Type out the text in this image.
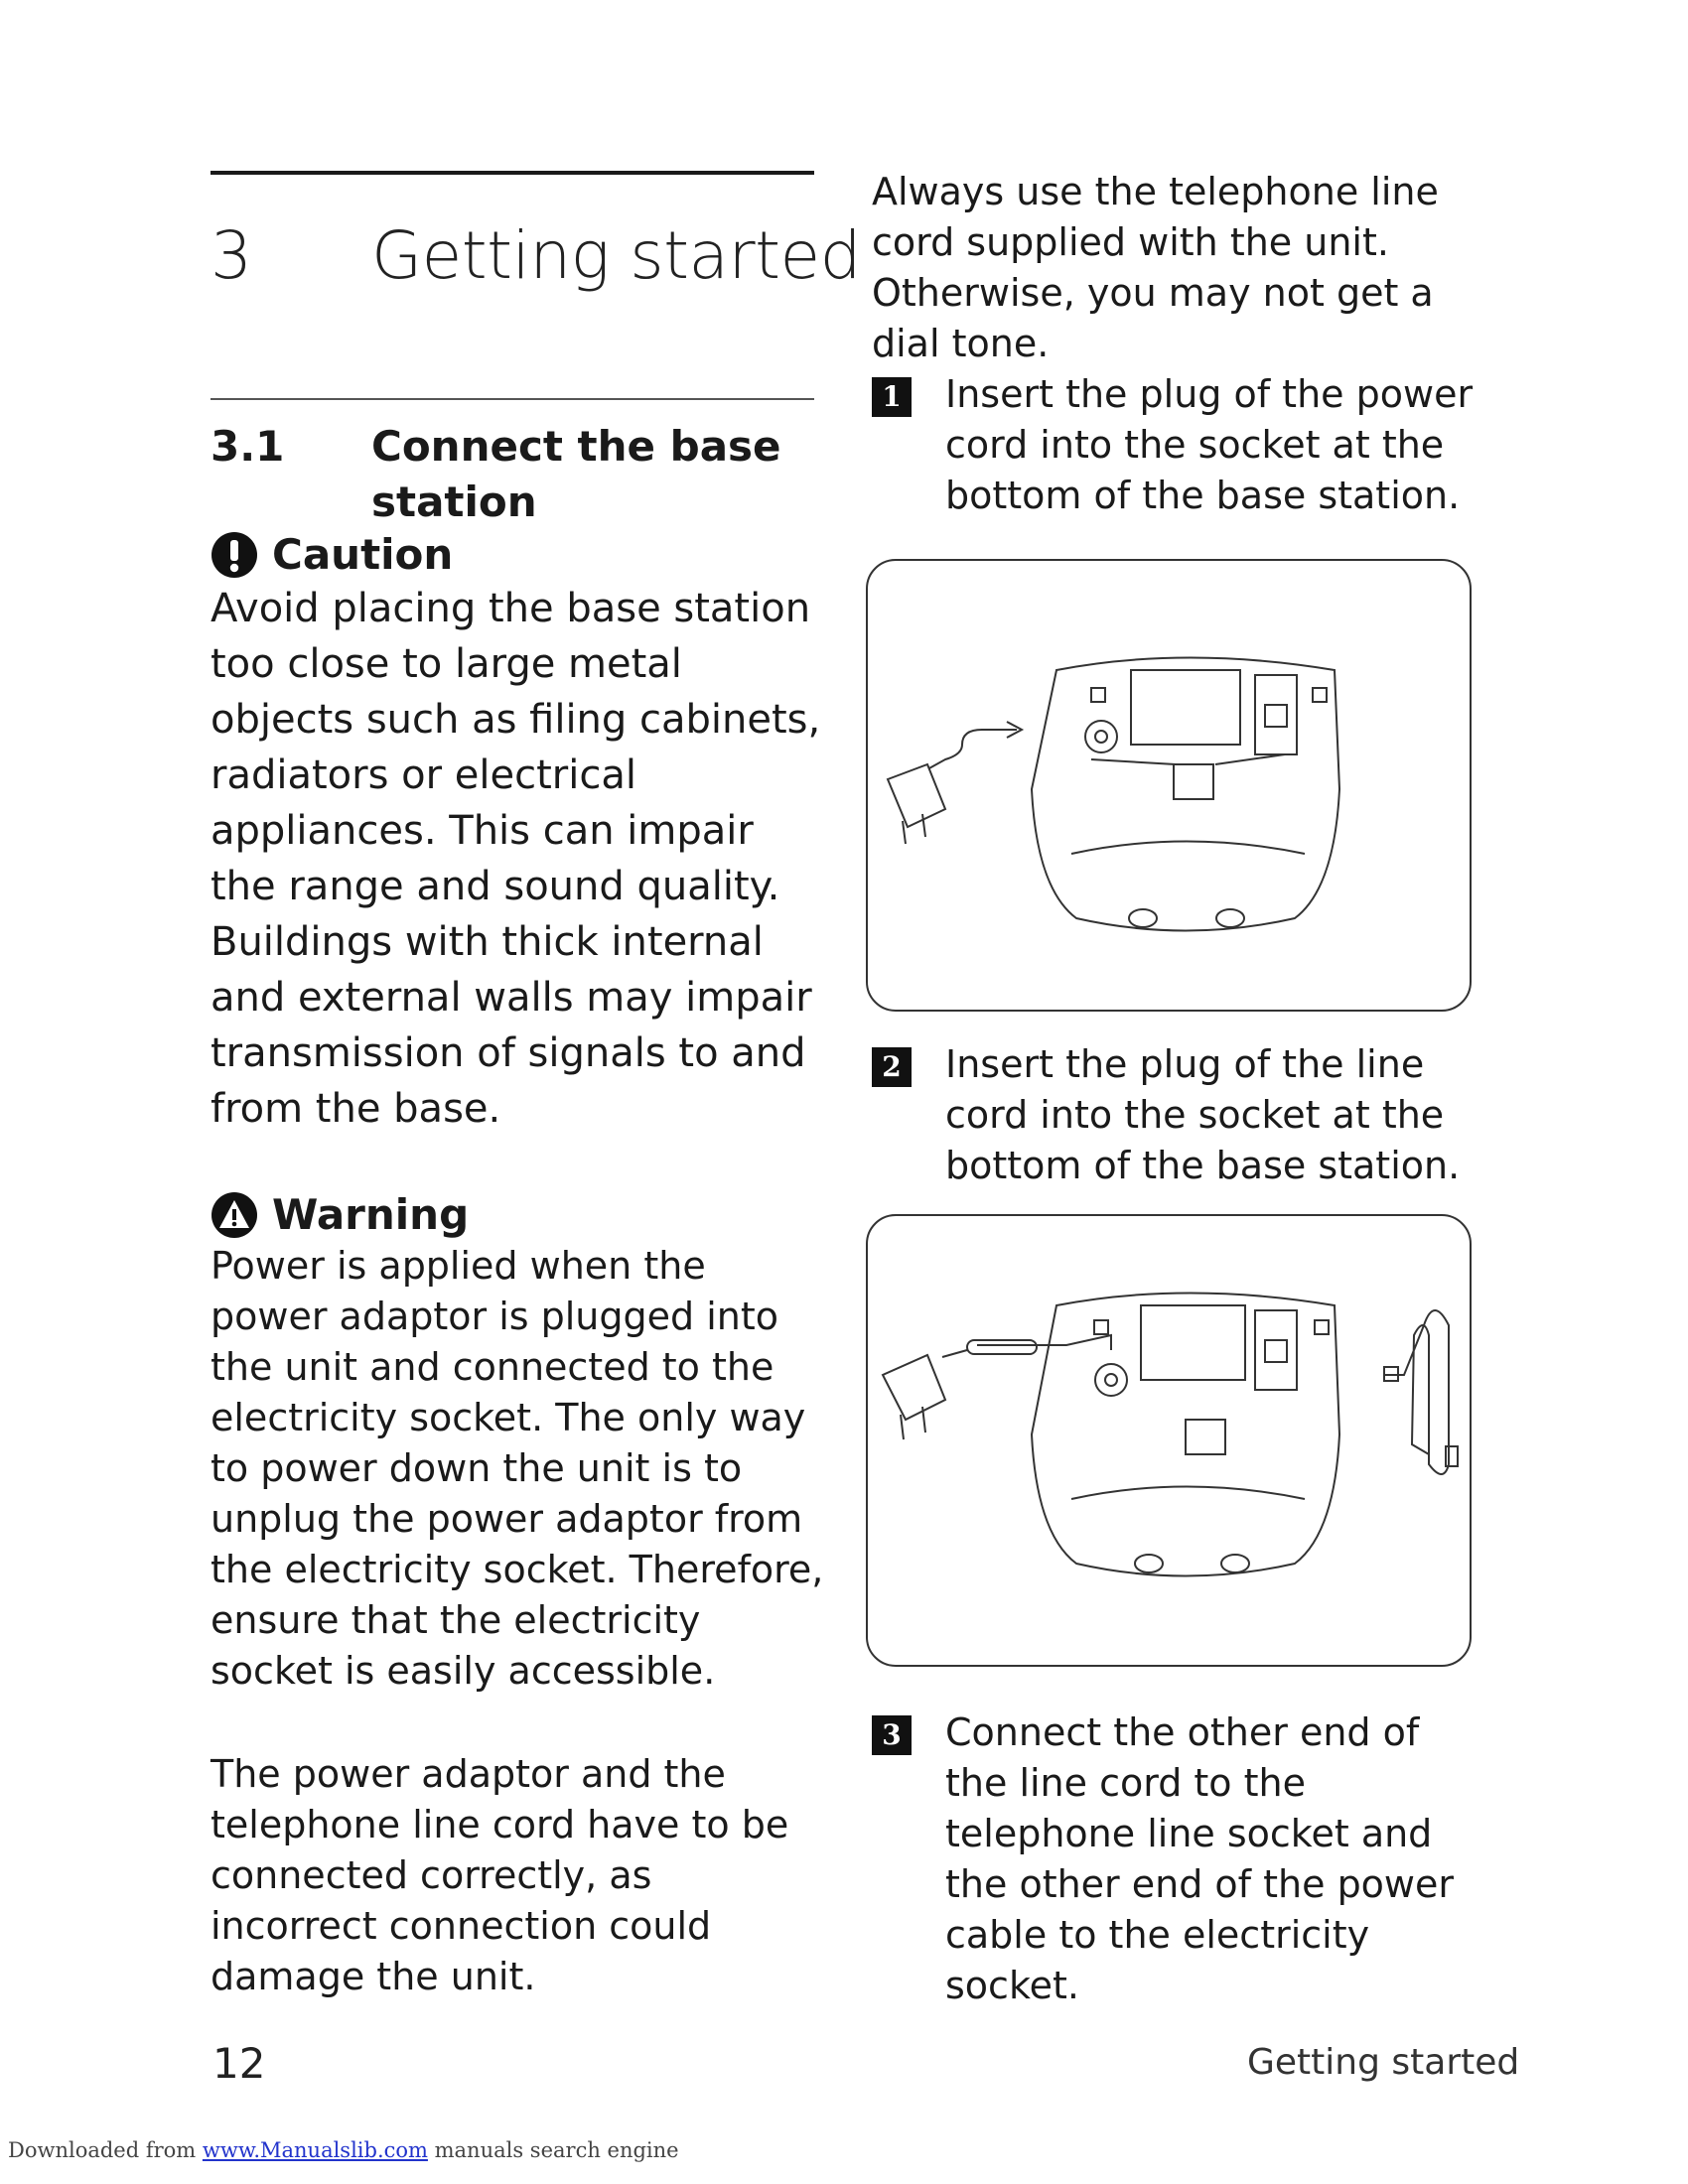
3 Getting started
3.1 Connect the base station
Caution
Avoid placing the base station too close to large metal objects such as filing cabinets, radiators or electrical appliances. This can impair the range and sound quality. Buildings with thick internal and external walls may impair transmission of signals to and from the base.
Warning
Power is applied when the power adaptor is plugged into the unit and connected to the electricity socket. The only way to power down the unit is to unplug the power adaptor from the electricity socket. Therefore, ensure that the electricity socket is easily accessible.
The power adaptor and the telephone line cord have to be connected correctly, as incorrect connection could damage the unit.
Always use the telephone line cord supplied with the unit. Otherwise, you may not get a dial tone.
1 Insert the plug of the power cord into the socket at the bottom of the base station.
2 Insert the plug of the line cord into the socket at the bottom of the base station.
3 Connect the other end of the line cord to the telephone line socket and the other end of the power cable to the electricity socket.
12	Getting started
Downloaded from www.Manualslib.com manuals search engine
